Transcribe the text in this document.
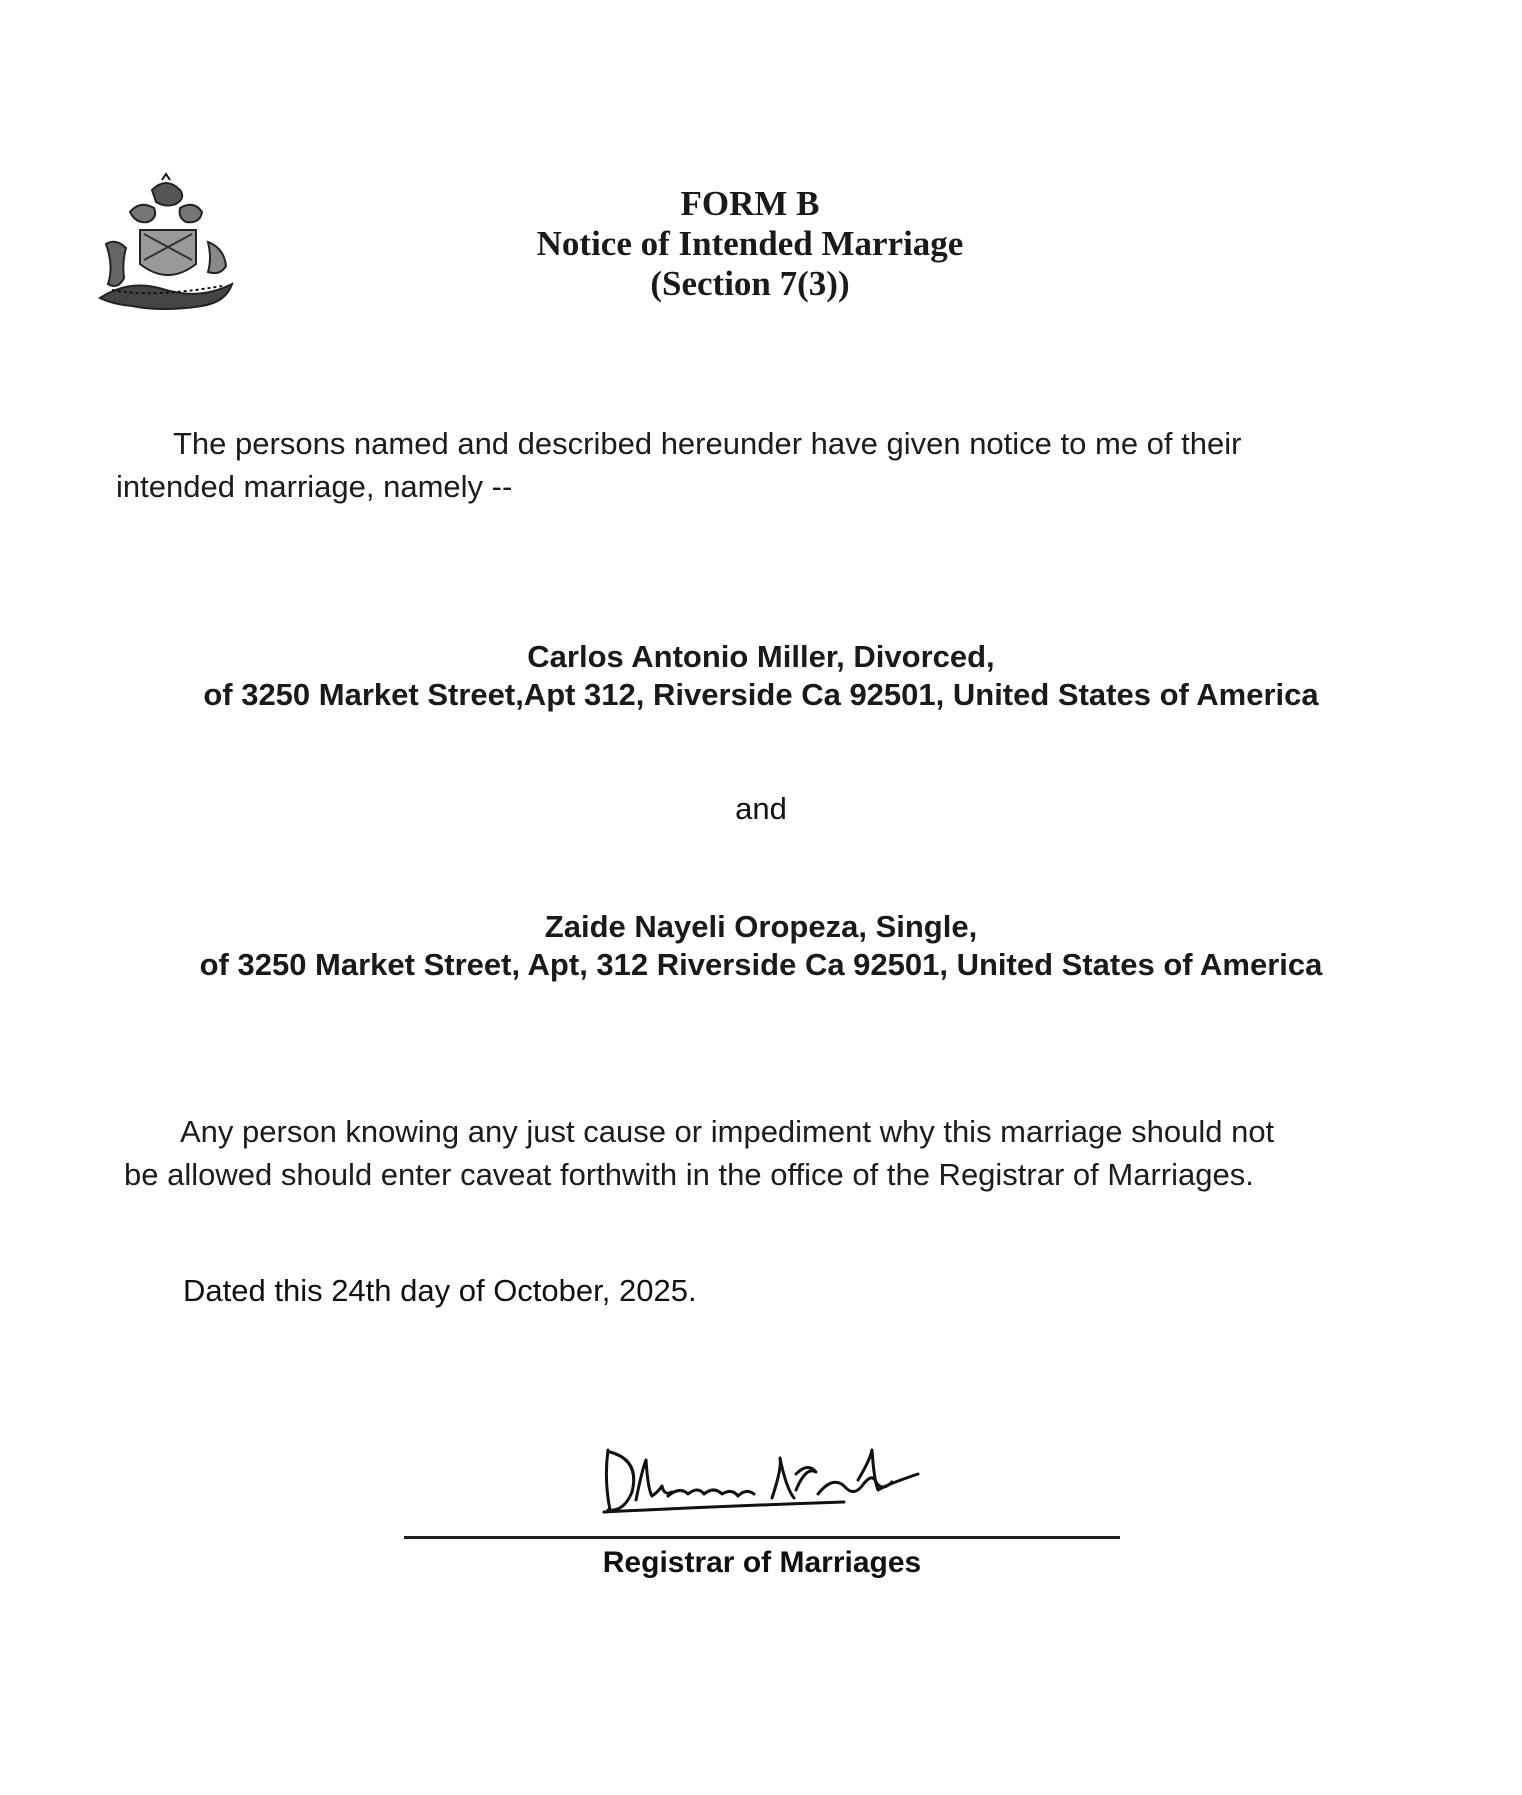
FORM B
Notice of Intended Marriage
(Section 7(3))
The persons named and described hereunder have given notice to me of their
intended marriage, namely --
Carlos Antonio Miller, Divorced,
of 3250 Market Street,Apt 312, Riverside Ca 92501, United States of America
and
Zaide Nayeli Oropeza, Single,
of 3250 Market Street, Apt, 312 Riverside Ca 92501, United States of America
Any person knowing any just cause or impediment why this marriage should not
be allowed should enter caveat forthwith in the office of the Registrar of Marriages.
Dated this 24th day of October, 2025.
Registrar of Marriages
